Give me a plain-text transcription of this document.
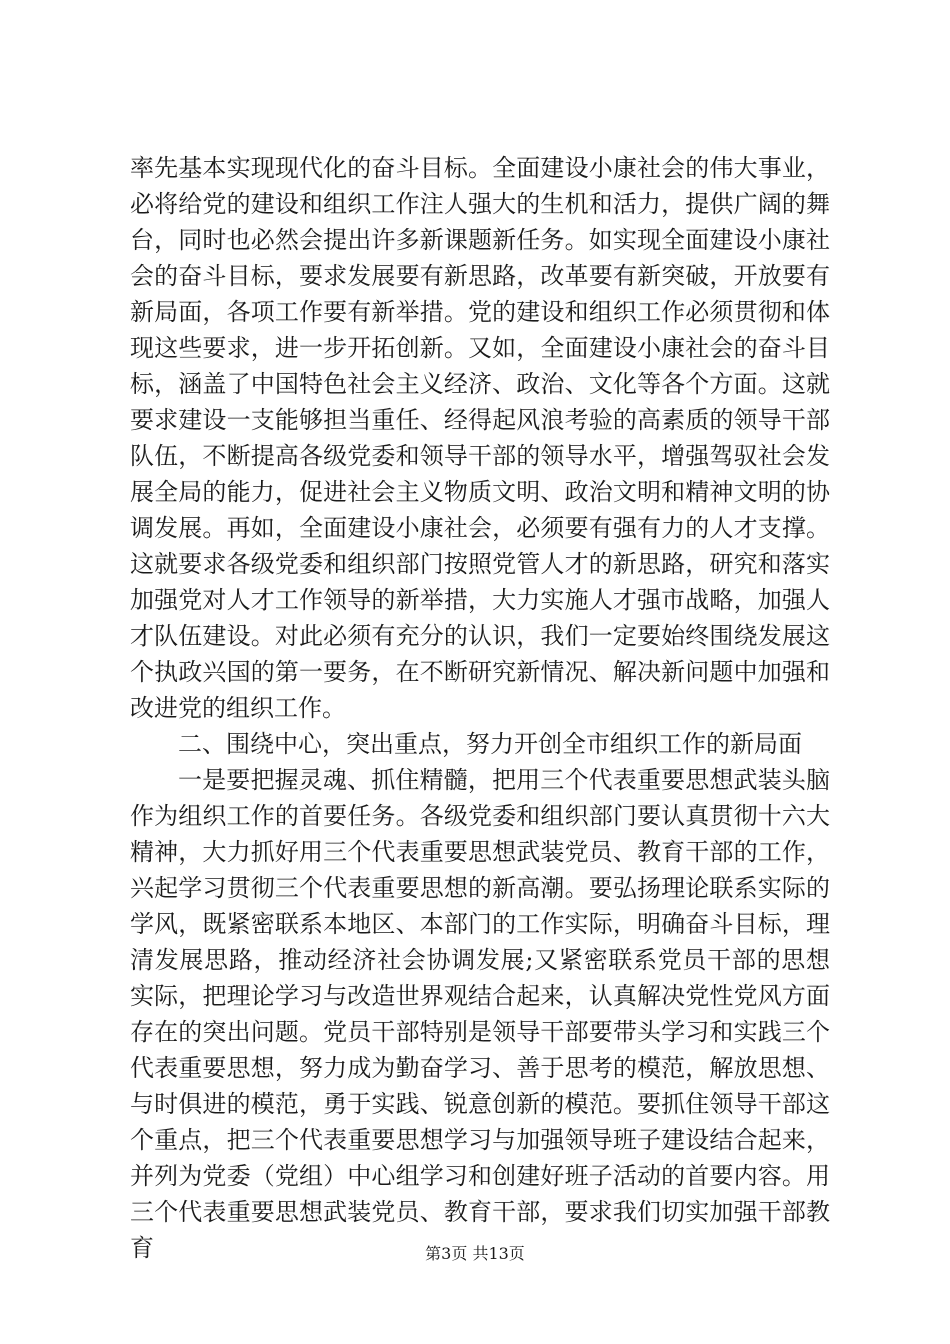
率先基本实现现代化的奋斗目标。全面建设小康社会的伟大事业，必将给党的建设和组织工作注人强大的生机和活力，提供广阔的舞台，同时也必然会提出许多新课题新任务。如实现全面建设小康社会的奋斗目标，要求发展要有新思路，改革要有新突破，开放要有新局面，各项工作要有新举措。党的建设和组织工作必须贯彻和体现这些要求，进一步开拓创新。又如，全面建设小康社会的奋斗目标，涵盖了中国特色社会主义经济、政治、文化等各个方面。这就要求建设一支能够担当重任、经得起风浪考验的高素质的领导干部队伍，不断提高各级党委和领导干部的领导水平，增强驾驭社会发展全局的能力，促进社会主义物质文明、政治文明和精神文明的协调发展。再如，全面建设小康社会，必须要有强有力的人才支撑。这就要求各级党委和组织部门按照党管人才的新思路，研究和落实加强党对人才工作领导的新举措，大力实施人才强市战略，加强人才队伍建设。对此必须有充分的认识，我们一定要始终围绕发展这个执政兴国的第一要务，在不断研究新情况、解决新问题中加强和改进党的组织工作。

二、围绕中心，突出重点，努力开创全市组织工作的新局面

一是要把握灵魂、抓住精髓，把用三个代表重要思想武装头脑作为组织工作的首要任务。各级党委和组织部门要认真贯彻十六大精神，大力抓好用三个代表重要思想武装党员、教育干部的工作，兴起学习贯彻三个代表重要思想的新高潮。要弘扬理论联系实际的学风，既紧密联系本地区、本部门的工作实际，明确奋斗目标，理清发展思路，推动经济社会协调发展;又紧密联系党员干部的思想实际，把理论学习与改造世界观结合起来，认真解决党性党风方面存在的突出问题。党员干部特别是领导干部要带头学习和实践三个代表重要思想，努力成为勤奋学习、善于思考的模范，解放思想、与时俱进的模范，勇于实践、锐意创新的模范。要抓住领导干部这个重点，把三个代表重要思想学习与加强领导班子建设结合起来，并列为党委（党组）中心组学习和创建好班子活动的首要内容。用三个代表重要思想武装党员、教育干部，要求我们切实加强干部教育	第3页 共13页
